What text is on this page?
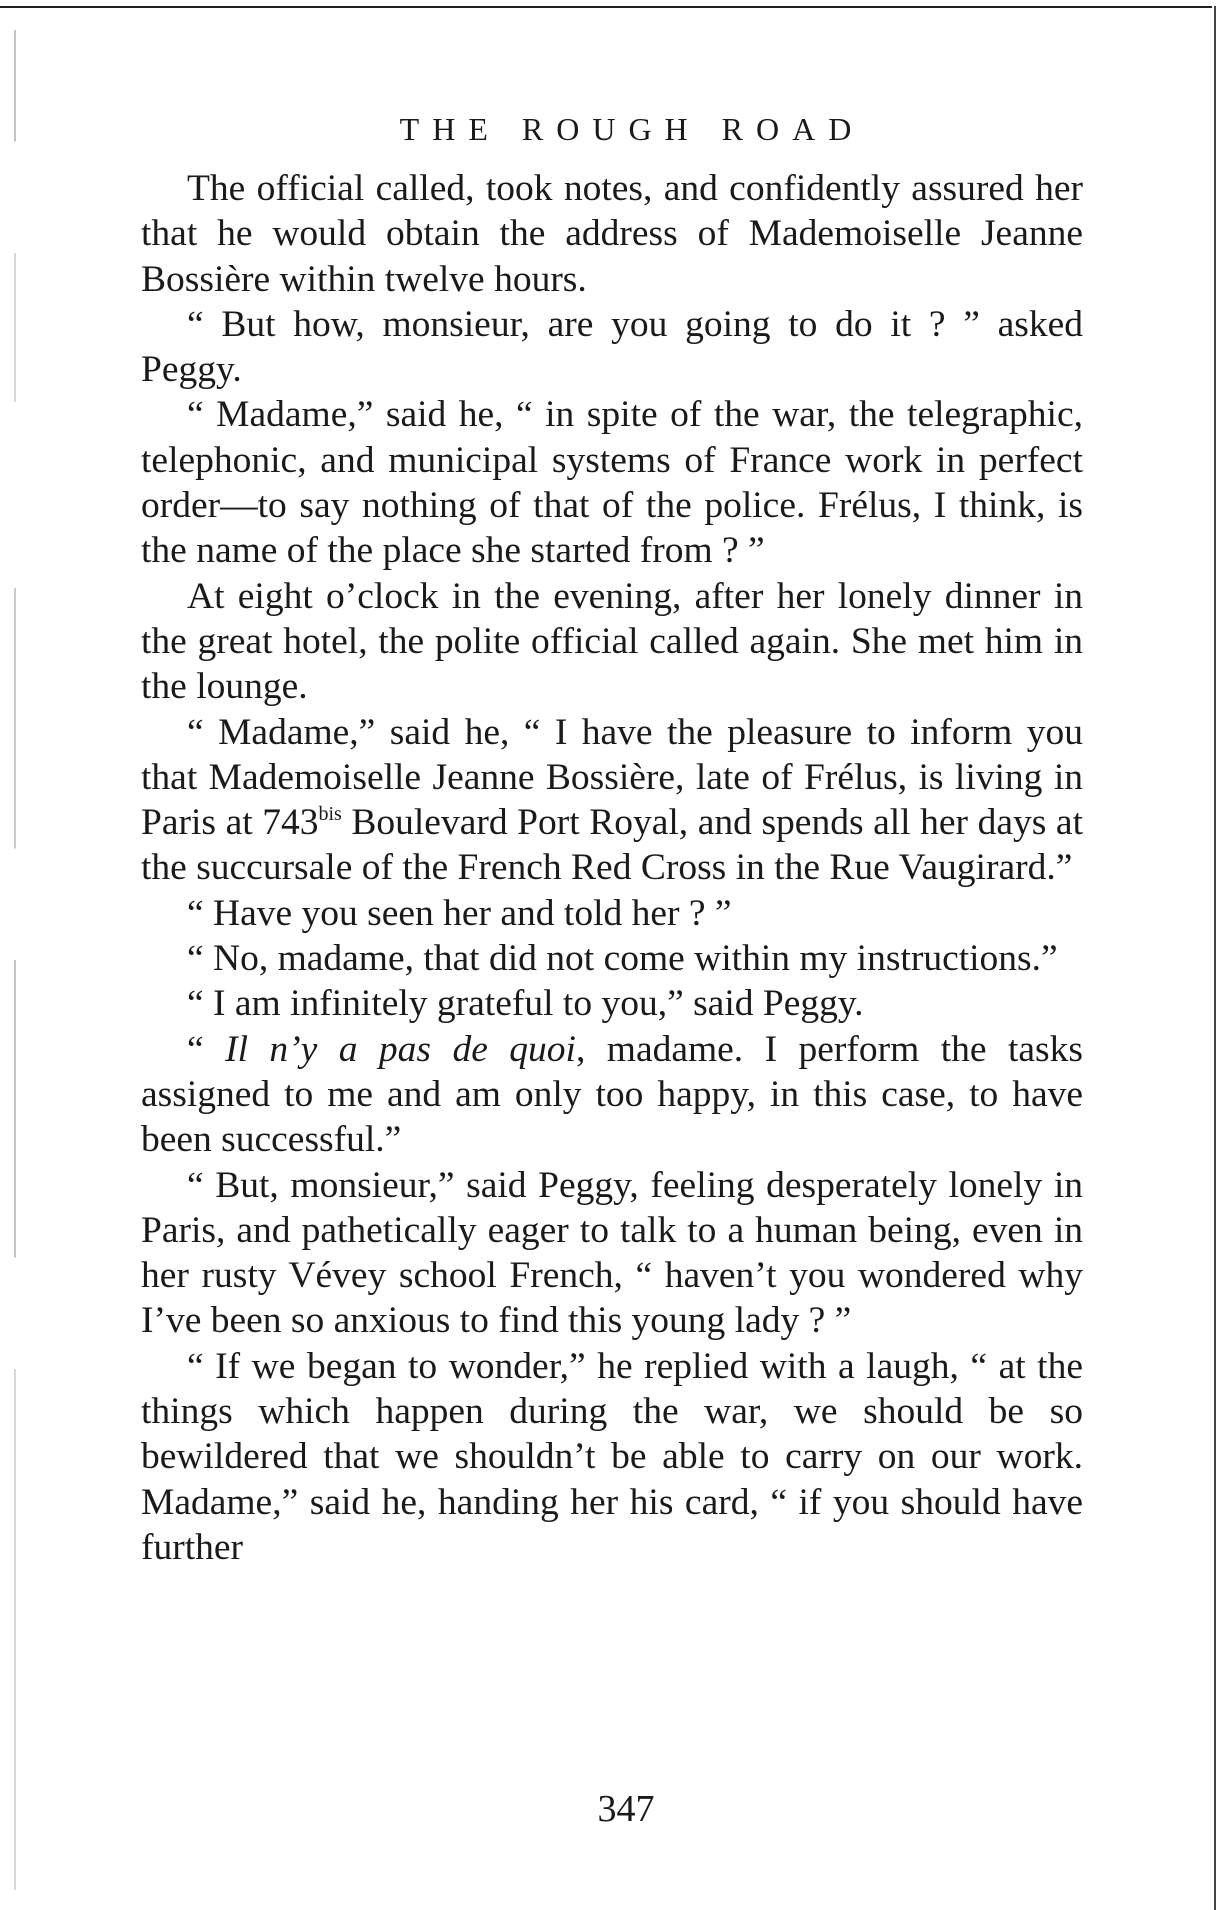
THE ROUGH ROAD

The official called, took notes, and confidently assured her that he would obtain the address of Mademoiselle Jeanne Bossière within twelve hours.

“ But how, monsieur, are you going to do it ? ” asked Peggy.

“ Madame,” said he, “ in spite of the war, the telegraphic, telephonic, and municipal systems of France work in perfect order—to say nothing of that of the police. Frélus, I think, is the name of the place she started from ? ”

At eight o’clock in the evening, after her lonely dinner in the great hotel, the polite official called again. She met him in the lounge.

“ Madame,” said he, “ I have the pleasure to inform you that Mademoiselle Jeanne Bossière, late of Frélus, is living in Paris at $743^{bis}$ Boulevard Port Royal, and spends all her days at the succursale of the French Red Cross in the Rue Vaugirard.”

“ Have you seen her and told her ? ”

“ No, madame, that did not come within my instructions.”

“ I am infinitely grateful to you,” said Peggy.

“ Il n’y a pas de quoi, madame. I perform the tasks assigned to me and am only too happy, in this case, to have been successful.”

“ But, monsieur,” said Peggy, feeling desperately lonely in Paris, and pathetically eager to talk to a human being, even in her rusty Vévey school French, “ haven’t you wondered why I’ve been so anxious to find this young lady ? ”

“ If we began to wonder,” he replied with a laugh, “ at the things which happen during the war, we should be so bewildered that we shouldn’t be able to carry on our work. Madame,” said he, handing her his card, “ if you should have further

347
